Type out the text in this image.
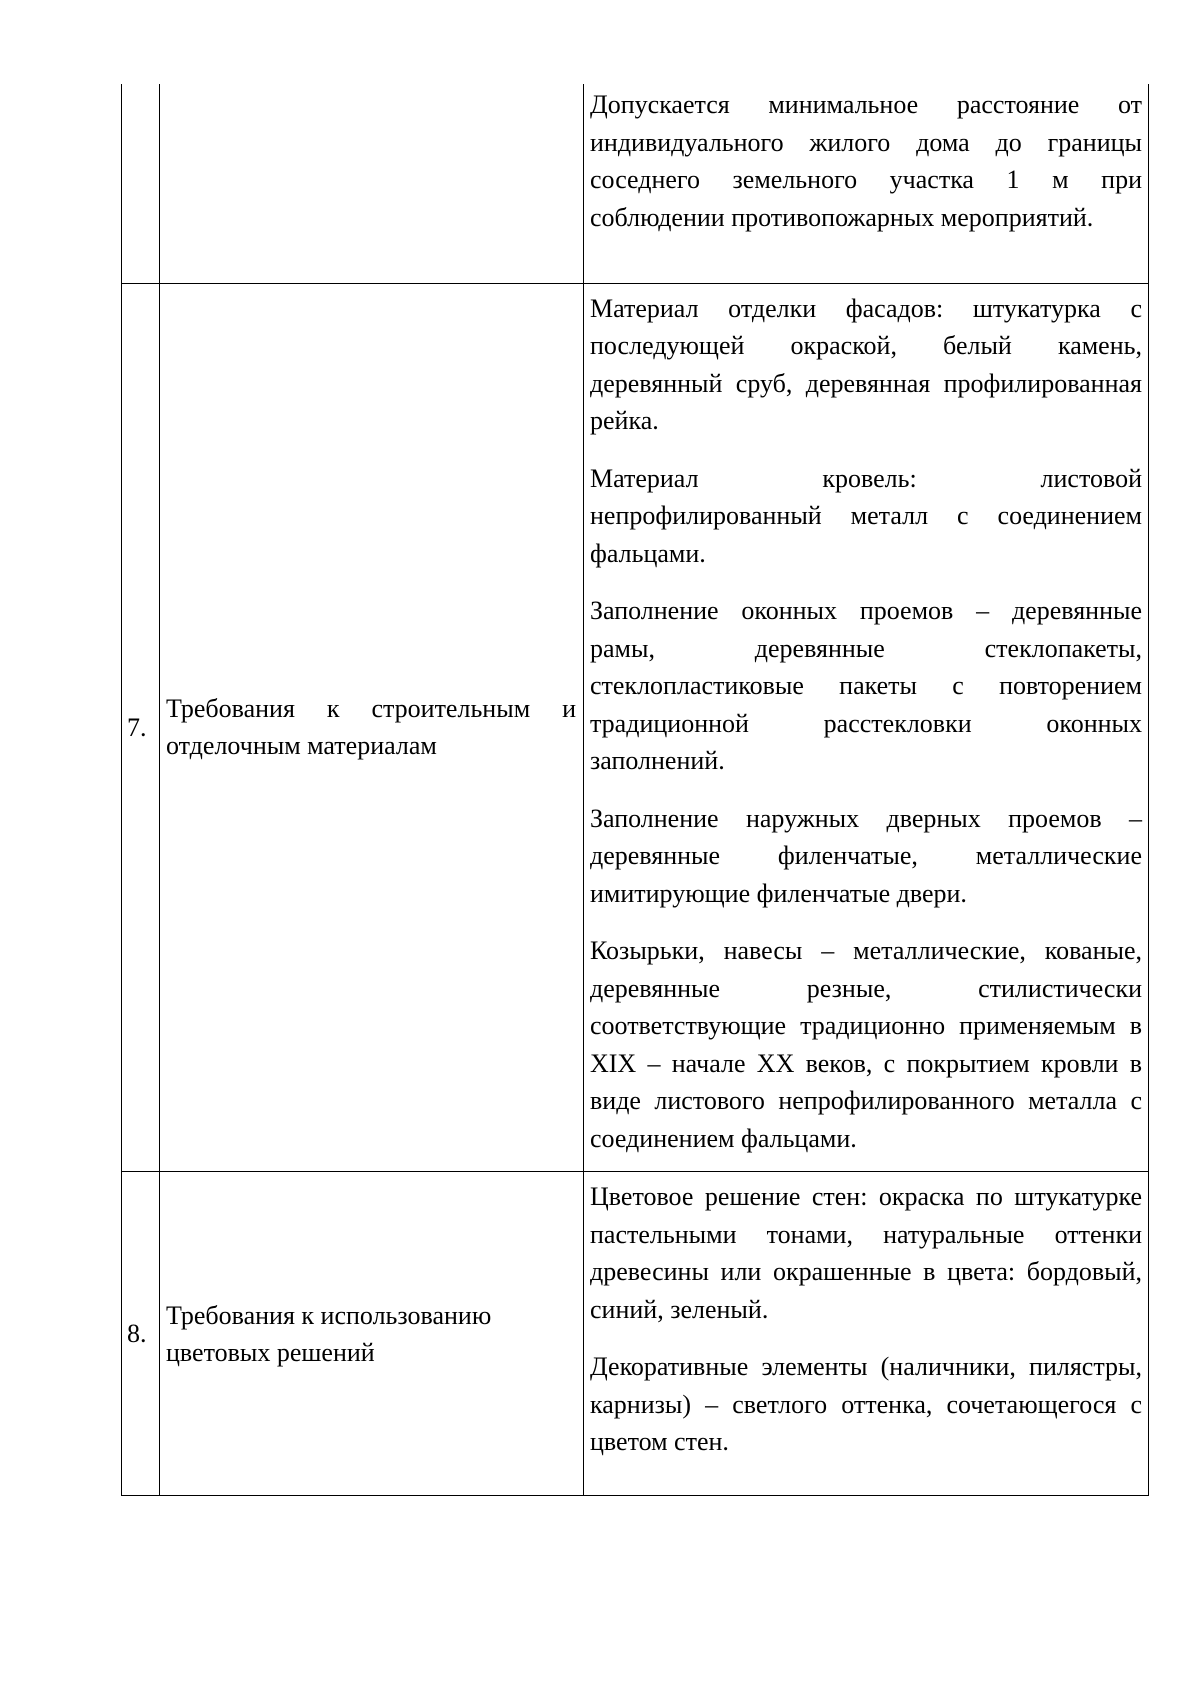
		Допускается минимальное расстояние от индивидуального жилого дома до границы соседнего земельного участка 1 м при соблюдении противопожарных мероприятий.

7.	Требования к строительным и отделочным материалам	Материал отделки фасадов: штукатурка с последующей окраской, белый камень, деревянный сруб, деревянная профилированная рейка.

Материал кровель: листовой непрофилированный металл с соединением фальцами.

Заполнение оконных проемов – деревянные рамы, деревянные стеклопакеты, стеклопластиковые пакеты с повторением традиционной расстекловки оконных заполнений.

Заполнение наружных дверных проемов – деревянные филенчатые, металлические имитирующие филенчатые двери.

Козырьки, навесы – металлические, кованые, деревянные резные, стилистически соответствующие традиционно применяемым в XIX – начале XX веков, с покрытием кровли в виде листового непрофилированного металла с соединением фальцами.

8.	Требования к использованию цветовых решений	Цветовое решение стен: окраска по штукатурке пастельными тонами, натуральные оттенки древесины или окрашенные в цвета: бордовый, синий, зеленый.

Декоративные элементы (наличники, пилястры, карнизы) – светлого оттенка, сочетающегося с цветом стен.
